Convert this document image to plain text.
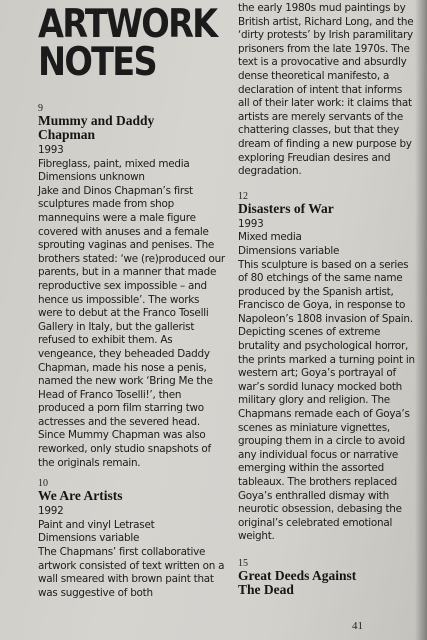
ARTWORK
NOTES
9
Mummy and Daddy Chapman
1993
Fibreglass, paint, mixed media
Dimensions unknown
Jake and Dinos Chapman’s first sculptures made from shop mannequins were a male figure covered with anuses and a female sprouting vaginas and penises. The brothers stated: ‘we (re)produced our parents, but in a manner that made reproductive sex impossible – and hence us impossible’. The works were to debut at the Franco Toselli Gallery in Italy, but the gallerist refused to exhibit them. As vengeance, they beheaded Daddy Chapman, made his nose a penis, named the new work ‘Bring Me the Head of Franco Toselli!’, then produced a porn film starring two actresses and the severed head. Since Mummy Chapman was also reworked, only studio snapshots of the originals remain.
10
We Are Artists
1992
Paint and vinyl Letraset
Dimensions variable
The Chapmans’ first collaborative artwork consisted of text written on a wall smeared with brown paint that was suggestive of both
the early 1980s mud paintings by British artist, Richard Long, and the ‘dirty protests’ by Irish paramilitary prisoners from the late 1970s. The text is a provocative and absurdly dense theoretical manifesto, a declaration of intent that informs all of their later work: it claims that artists are merely servants of the chattering classes, but that they dream of finding a new purpose by exploring Freudian desires and degradation.
12
Disasters of War
1993
Mixed media
Dimensions variable
This sculpture is based on a series of 80 etchings of the same name produced by the Spanish artist, Francisco de Goya, in response to Napoleon’s 1808 invasion of Spain. Depicting scenes of extreme brutality and psychological horror, the prints marked a turning point in western art; Goya’s portrayal of war’s sordid lunacy mocked both military glory and religion. The Chapmans remade each of Goya’s scenes as miniature vignettes, grouping them in a circle to avoid any individual focus or narrative emerging within the assorted tableaux. The brothers replaced Goya’s enthralled dismay with neurotic obsession, debasing the original’s celebrated emotional weight.
15
Great Deeds Against The Dead
41
